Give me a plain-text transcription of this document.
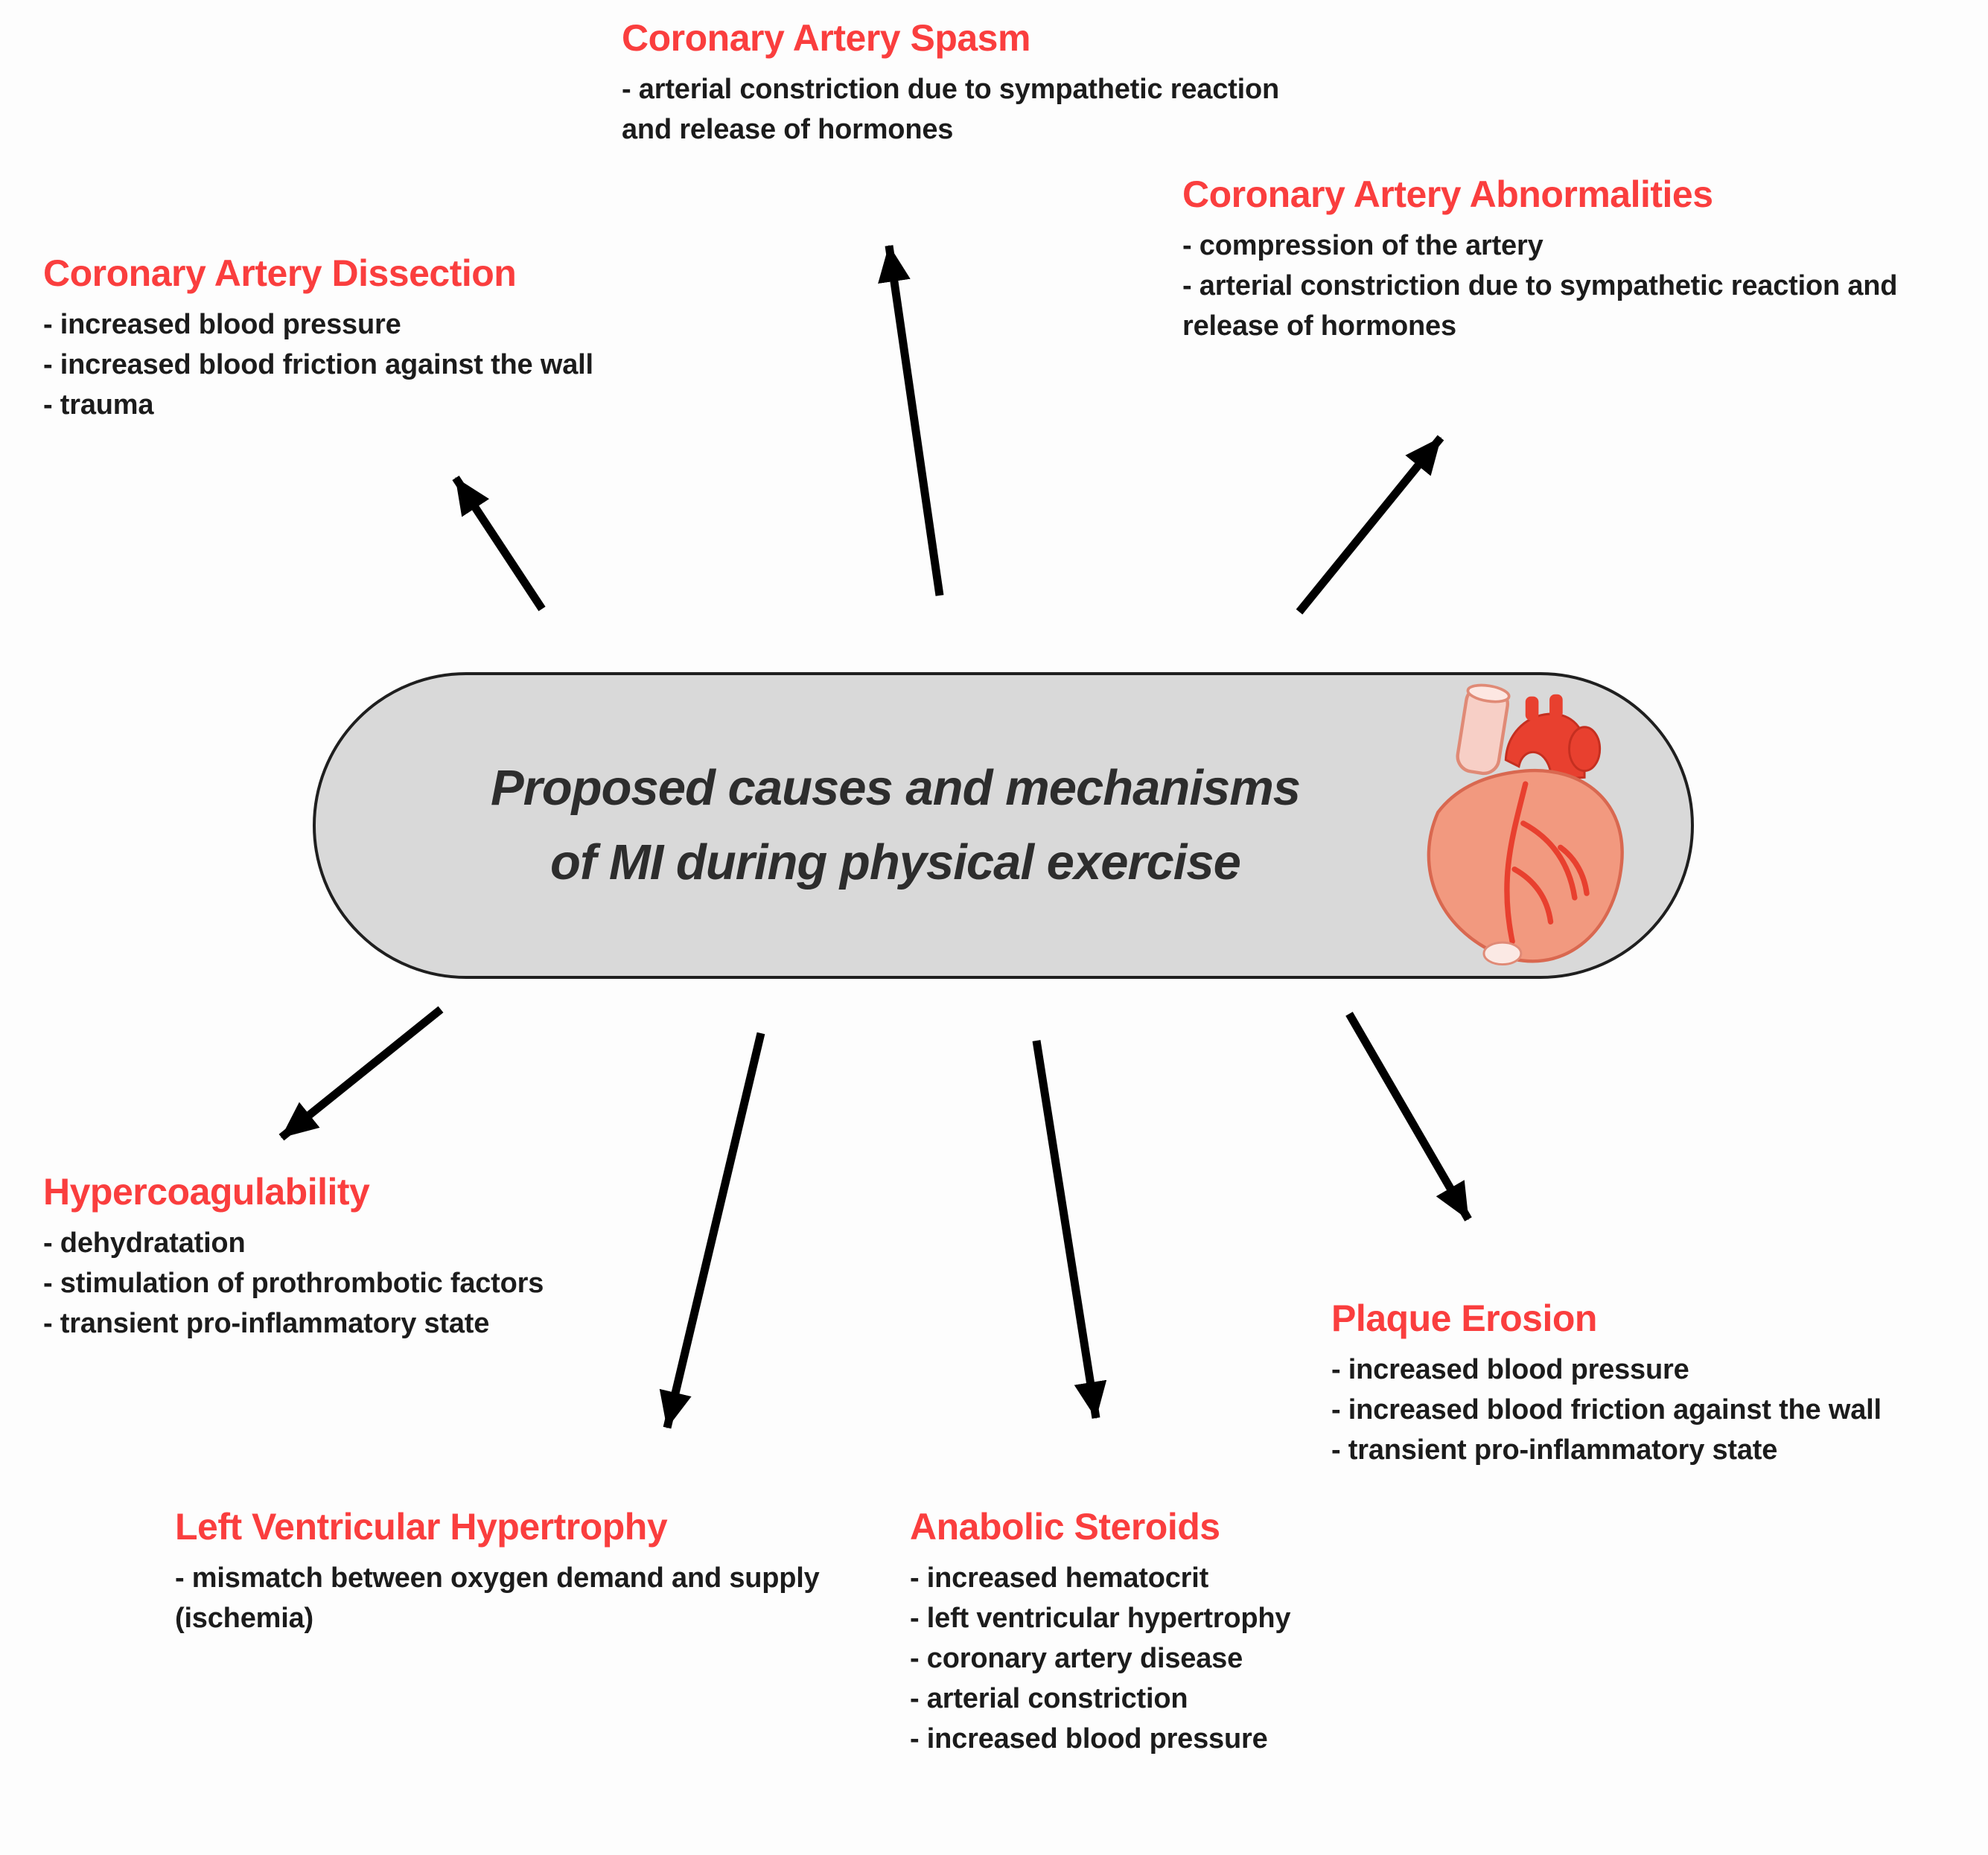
Proposed causes and mechanisms
of MI during physical exercise
Coronary Artery Spasm
- arterial constriction due to sympathetic reaction and release of hormones
Coronary Artery Dissection
- increased blood pressure
- increased blood friction against the wall
- trauma
Coronary Artery Abnormalities
- compression of the artery
- arterial constriction due to sympathetic reaction and release of hormones
Hypercoagulability
- dehydratation
- stimulation of prothrombotic factors
- transient pro-inflammatory state
Left Ventricular Hypertrophy
- mismatch between oxygen demand and supply (ischemia)
Anabolic Steroids
- increased hematocrit
- left ventricular hypertrophy
- coronary artery disease
- arterial constriction
- increased blood pressure
Plaque Erosion
- increased blood pressure
- increased blood friction against the wall
- transient pro-inflammatory state
